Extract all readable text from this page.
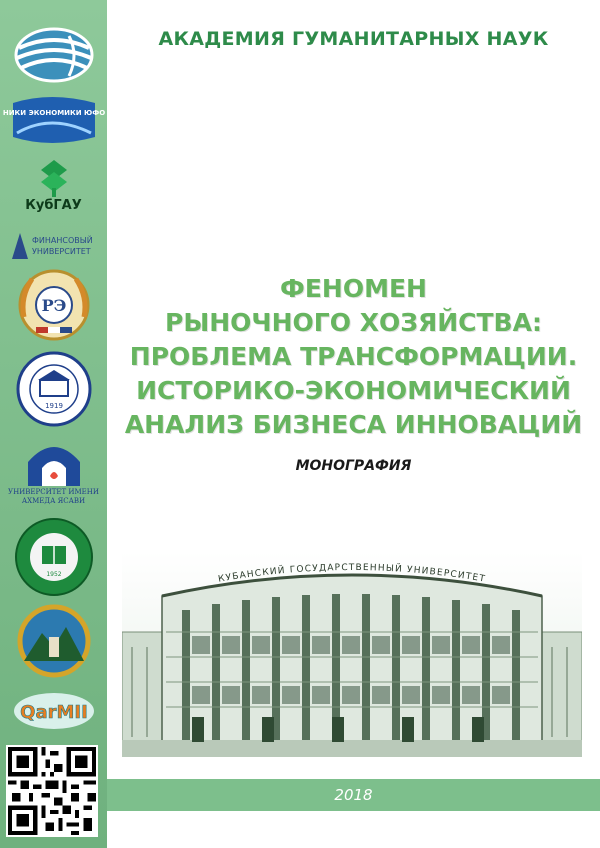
НИКИ ЭКОНОМИКИ ЮФО
КубГАУ
ФИНАНСОВЫЙ
УНИВЕРСИТЕТ
РЭ
1919
УНИВЕРСИТЕТ ИМЕНИ
АХМЕДА ЯСАВИ
1952
QarMII
АКАДЕМИЯ ГУМАНИТАРНЫХ НАУК
ФЕНОМЕН
РЫНОЧНОГО ХОЗЯЙСТВА:
ПРОБЛЕМА ТРАНСФОРМАЦИИ.
ИСТОРИКО-ЭКОНОМИЧЕСКИЙ
АНАЛИЗ БИЗНЕСА ИННОВАЦИЙ
МОНОГРАФИЯ
КУБАНСКИЙ ГОСУДАРСТВЕННЫЙ УНИВЕРСИТЕТ
2018
